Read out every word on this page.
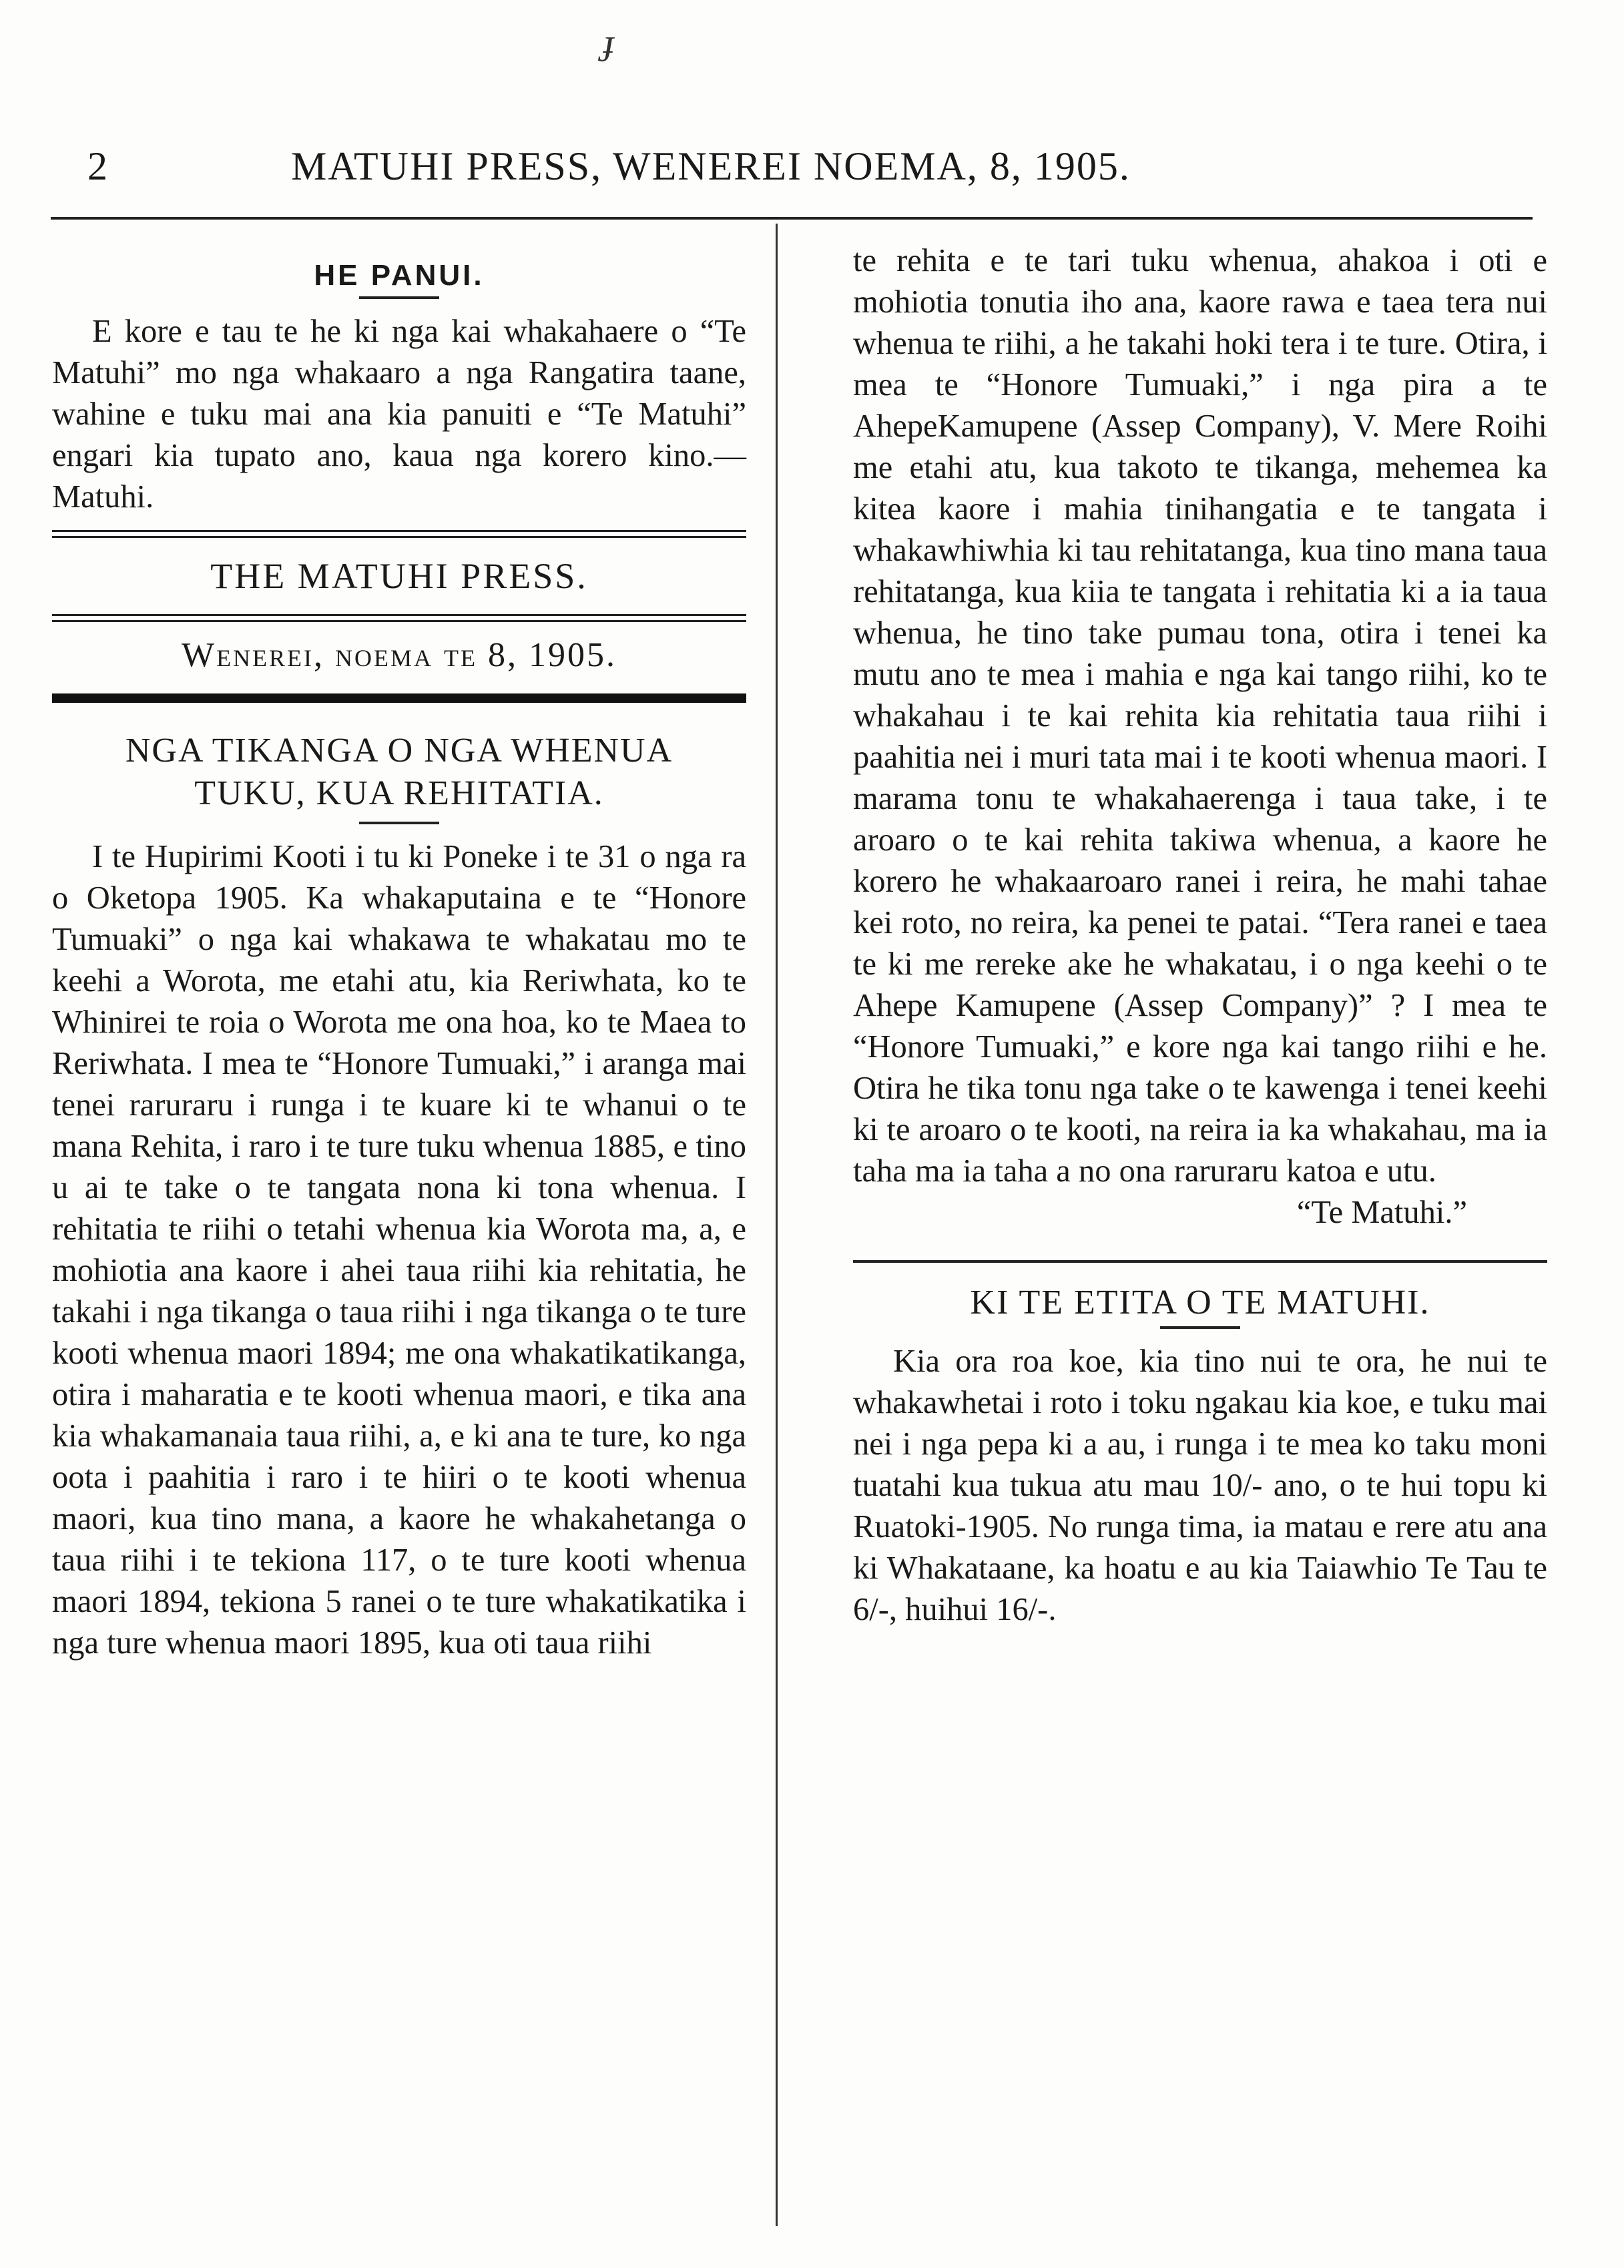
ɟ
2	MATUHI PRESS, WENEREI NOEMA, 8, 1905.
HE PANUI.

E kore e tau te he ki nga kai whakahaere o “Te Matuhi” mo nga whakaaro a nga Rangatira taane, wahine e tuku mai ana kia panuiti e “Te Matuhi” engari kia tupato ano, kaua nga korero kino.—Matuhi.

THE MATUHI PRESS.
Wenerei, noema te 8, 1905.
NGA TIKANGA O NGA WHENUA
TUKU, KUA REHITATIA.

I te Hupirimi Kooti i tu ki Poneke i te 31 o nga ra o Oketopa 1905. Ka whakaputaina e te “Honore Tumuaki” o nga kai whakawa te whakatau mo te keehi a Worota, me etahi atu, kia Reriwhata, ko te Whinirei te roia o Worota me ona hoa, ko te Maea to Reriwhata. I mea te “Honore Tumuaki,” i aranga mai tenei raruraru i runga i te kuare ki te whanui o te mana Rehita, i raro i te ture tuku whenua 1885, e tino u ai te take o te tangata nona ki tona whenua. I rehitatia te riihi o tetahi whenua kia Worota ma, a, e mohiotia ana kaore i ahei taua riihi kia rehitatia, he takahi i nga tikanga o taua riihi i nga tikanga o te ture kooti whenua maori 1894; me ona whakatikatikanga, otira i maharatia e te kooti whenua maori, e tika ana kia whakamanaia taua riihi, a, e ki ana te ture, ko nga oota i paahitia i raro i te hiiri o te kooti whenua maori, kua tino mana, a kaore he whakahetanga o taua riihi i te tekiona 117, o te ture kooti whenua maori 1894, tekiona 5 ranei o te ture whakatikatika i nga ture whenua maori 1895, kua oti taua riihi

te rehita e te tari tuku whenua, ahakoa i oti e mohiotia tonutia iho ana, kaore rawa e taea tera nui whenua te riihi, a he takahi hoki tera i te ture. Otira, i mea te “Honore Tumuaki,” i nga pira a te AhepeKamupene (Assep Company), V. Mere Roihi me etahi atu, kua takoto te tikanga, mehemea ka kitea kaore i mahia tinihangatia e te tangata i whakawhiwhia ki tau rehitatanga, kua tino mana taua rehitatanga, kua kiia te tangata i rehitatia ki a ia taua whenua, he tino take pumau tona, otira i tenei ka mutu ano te mea i mahia e nga kai tango riihi, ko te whakahau i te kai rehita kia rehitatia taua riihi i paahitia nei i muri tata mai i te kooti whenua maori. I marama tonu te whakahaerenga i taua take, i te aroaro o te kai rehita takiwa whenua, a kaore he korero he whakaaroaro ranei i reira, he mahi tahae kei roto, no reira, ka penei te patai. “Tera ranei e taea te ki me rereke ake he whakatau, i o nga keehi o te Ahepe Kamupene (Assep Company)” ? I mea te “Honore Tumuaki,” e kore nga kai tango riihi e he. Otira he tika tonu nga take o te kawenga i tenei keehi ki te aroaro o te kooti, na reira ia ka whakahau, ma ia taha ma ia taha a no ona raruraru katoa e utu.

“Te Matuhi.”

KI TE ETITA O TE MATUHI.

Kia ora roa koe, kia tino nui te ora, he nui te whakawhetai i roto i toku ngakau kia koe, e tuku mai nei i nga pepa ki a au, i runga i te mea ko taku moni tuatahi kua tukua atu mau 10/- ano, o te hui topu ki Ruatoki-1905. No runga tima, ia matau e rere atu ana ki Whakataane, ka hoatu e au kia Taiawhio Te Tau te 6/-, huihui 16/-.
